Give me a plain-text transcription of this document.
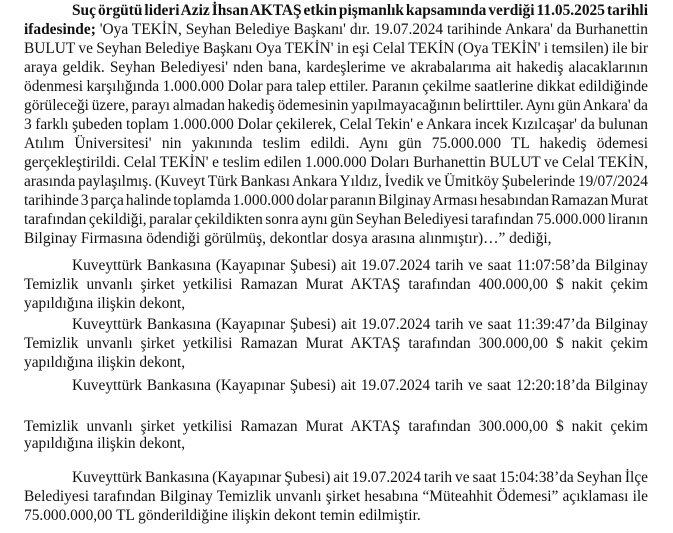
Suç örgütü lideri Aziz İhsan AKTAŞ etkin pişmanlık kapsamında verdiği 11.05.2025 tarihli
ifadesinde; 'Oya TEKİN, Seyhan Belediye Başkanı' dır. 19.07.2024 tarihinde Ankara' da Burhanettin
BULUT ve Seyhan Belediye Başkanı Oya TEKİN' in eşi Celal TEKİN (Oya TEKİN' i temsilen) ile bir
araya geldik. Seyhan Belediyesi' nden bana, kardeşlerime ve akrabalarıma ait hakediş alacaklarının
ödenmesi karşılığında 1.000.000 Dolar para talep ettiler. Paranın çekilme saatlerine dikkat edildiğinde
görüleceği üzere, parayı almadan hakediş ödemesinin yapılmayacağının belirttiler. Aynı gün Ankara' da
3 farklı şubeden toplam 1.000.000 Dolar çekilerek, Celal Tekin' e Ankara incek Kızılcaşar' da bulunan
Atılım Üniversitesi' nin yakınında teslim edildi. Aynı gün 75.000.000 TL hakediş ödemesi
gerçekleştirildi. Celal TEKİN' e teslim edilen 1.000.000 Doları Burhanettin BULUT ve Celal TEKİN,
arasında paylaşılmış. (Kuveyt Türk Bankası Ankara Yıldız, İvedik ve Ümitköy Şubelerinde 19/07/2024
tarihinde 3 parça halinde toplamda 1.000.000 dolar paranın Bilginay Arması hesabından Ramazan Murat
tarafından çekildiği, paralar çekildikten sonra aynı gün Seyhan Belediyesi tarafından 75.000.000 liranın
Bilginay Firmasına ödendiği görülmüş, dekontlar dosya arasına alınmıştır)…” dediği,
Kuveyttürk Bankasına (Kayapınar Şubesi) ait 19.07.2024 tarih ve saat 11:07:58’da Bilginay
Temizlik unvanlı şirket yetkilisi Ramazan Murat AKTAŞ tarafından 400.000,00 $ nakit çekim
yapıldığına ilişkin dekont,
Kuveyttürk Bankasına (Kayapınar Şubesi) ait 19.07.2024 tarih ve saat 11:39:47’da Bilginay
Temizlik unvanlı şirket yetkilisi Ramazan Murat AKTAŞ tarafından 300.000,00 $ nakit çekim
yapıldığına ilişkin dekont,
Kuveyttürk Bankasına (Kayapınar Şubesi) ait 19.07.2024 tarih ve saat 12:20:18’da Bilginay
Temizlik unvanlı şirket yetkilisi Ramazan Murat AKTAŞ tarafından 300.000,00 $ nakit çekim
yapıldığına ilişkin dekont,
Kuveyttürk Bankasına (Kayapınar Şubesi) ait 19.07.2024 tarih ve saat 15:04:38’da Seyhan İlçe
Belediyesi tarafından Bilginay Temizlik unvanlı şirket hesabına “Müteahhit Ödemesi” açıklaması ile
75.000.000,00 TL gönderildiğine ilişkin dekont temin edilmiştir.
